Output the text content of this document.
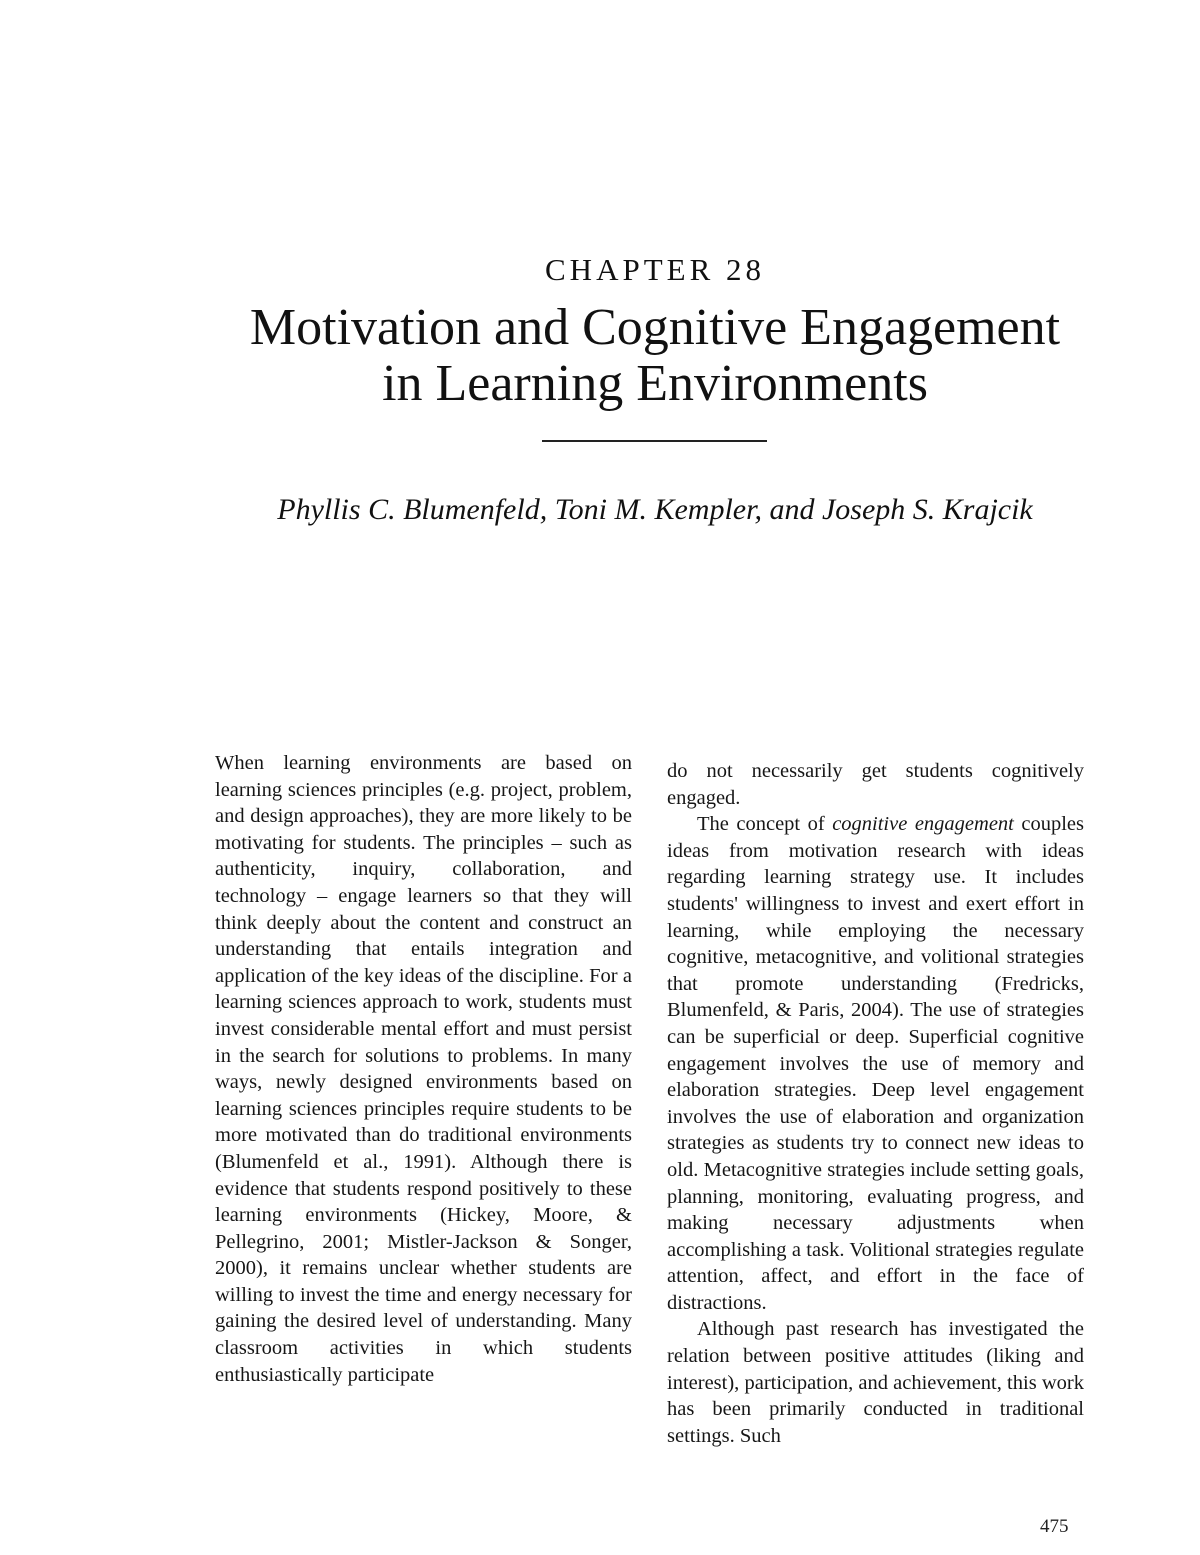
CHAPTER 28
Motivation and Cognitive Engagement
in Learning Environments
Phyllis C. Blumenfeld, Toni M. Kempler, and Joseph S. Krajcik

When learning environments are based on learning sciences principles (e.g. project, problem, and design approaches), they are more likely to be motivating for students. The principles – such as authenticity, inquiry, collaboration, and technology – engage learners so that they will think deeply about the content and construct an understanding that entails integration and application of the key ideas of the discipline. For a learning sciences approach to work, students must invest considerable mental effort and must persist in the search for solutions to problems. In many ways, newly designed environments based on learning sciences principles require students to be more motivated than do traditional environments (Blumenfeld et al., 1991). Although there is evidence that students respond positively to these learning environments (Hickey, Moore, & Pellegrino, 2001; Mistler-Jackson & Songer, 2000), it remains unclear whether students are willing to invest the time and energy necessary for gaining the desired level of understanding. Many classroom activities in which students enthusiastically participate

do not necessarily get students cognitively engaged.

The concept of cognitive engagement couples ideas from motivation research with ideas regarding learning strategy use. It includes students' willingness to invest and exert effort in learning, while employing the necessary cognitive, metacognitive, and volitional strategies that promote understanding (Fredricks, Blumenfeld, & Paris, 2004). The use of strategies can be superficial or deep. Superficial cognitive engagement involves the use of memory and elaboration strategies. Deep level engagement involves the use of elaboration and organization strategies as students try to connect new ideas to old. Metacognitive strategies include setting goals, planning, monitoring, evaluating progress, and making necessary adjustments when accomplishing a task. Volitional strategies regulate attention, affect, and effort in the face of distractions.

Although past research has investigated the relation between positive attitudes (liking and interest), participation, and achievement, this work has been primarily conducted in traditional settings. Such

475
